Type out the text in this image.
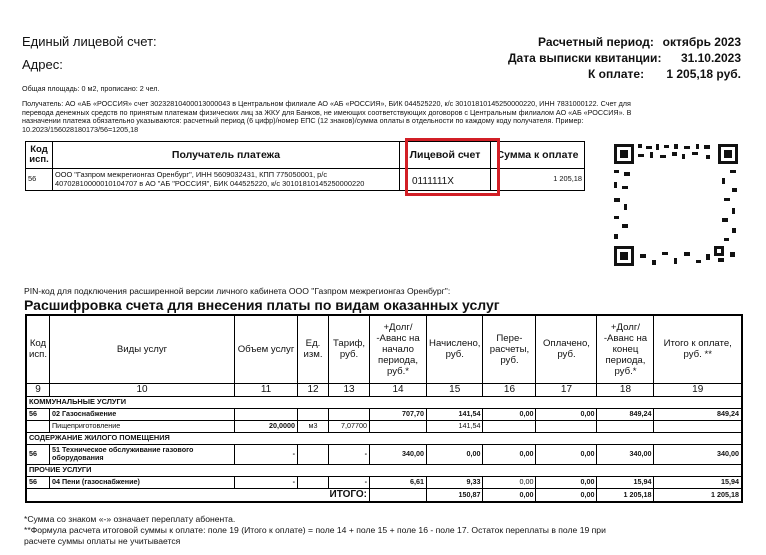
Единый лицевой счет:
Адрес:
Расчетный период: октябрь 2023
Дата выписки квитанции: 31.10.2023
К оплате: 1 205,18 руб.
Общая площадь: 0 м2, прописано: 2 чел.
Получатель: АО «АБ «РОССИЯ» счет 30232810400013000043 в Центральном филиале АО «АБ «РОССИЯ», БИК 044525220, к/с 30101810145250000220, ИНН 7831000122. Счет для
перевода денежных средств по принятым платежам физических лиц за ЖКУ для Банков, не имеющих соответствующих договоров с Центральным филиалом АО «АБ «РОССИЯ». В
назначении платежа обязательно указываются: расчетный период (6 цифр)/номер ЕПС (12 знаков)/сумма оплаты в отдельности по каждому коду получателя. Пример:
10.2023/156028180173/56=1205,18
Код исп.	Получатель платежа	Лицевой счет	Сумма к оплате
56	ООО "Газпром межрегионгаз Оренбург", ИНН 5609032431, КПП 775050001, р/с
40702810000010104707 в АО "АБ "РОССИЯ", БИК 044525220, к/с 30101810145250000220	0111111X	1 205,18
PIN-код для подключения расширенной версии личного кабинета ООО "Газпром межрегионгаз Оренбург":
Расшифровка счета для внесения платы по видам оказанных услуг
Код исп.	Виды услуг	Объем услуг	Ед. изм.	Тариф, руб.	+Долг/ -Аванс на начало периода, руб.*	Начислено, руб.	Пере-расчеты, руб.	Оплачено, руб.	+Долг/ -Аванс на конец периода, руб.*	Итого к оплате, руб. **
9	10	11	12	13	14	15	16	17	18	19
КОММУНАЛЬНЫЕ УСЛУГИ										
56	02 Газоснабжение				707,70	141,54	0,00	0,00	849,24	849,24
	Пищеприготовление	20,0000	м3	7,07700		141,54				
СОДЕРЖАНИЕ ЖИЛОГО ПОМЕЩЕНИЯ										
56	51 Техническое обслуживание газового оборудования	-		-	340,00	0,00	0,00	0,00	340,00	340,00
ПРОЧИЕ УСЛУГИ										
56	04 Пени (газоснабжение)	-		-	6,61	9,33	0,00	0,00	15,94	15,94
ИТОГО:						150,87	0,00	0,00	1 205,18	1 205,18
*Сумма со знаком «-» означает переплату абонента.
**Формула расчета итоговой суммы к оплате: поле 19 (Итого к оплате) = поле 14 + поле 15 + поле 16 - поле 17. Остаток переплаты в поле 19 при
расчете суммы оплаты не учитывается
